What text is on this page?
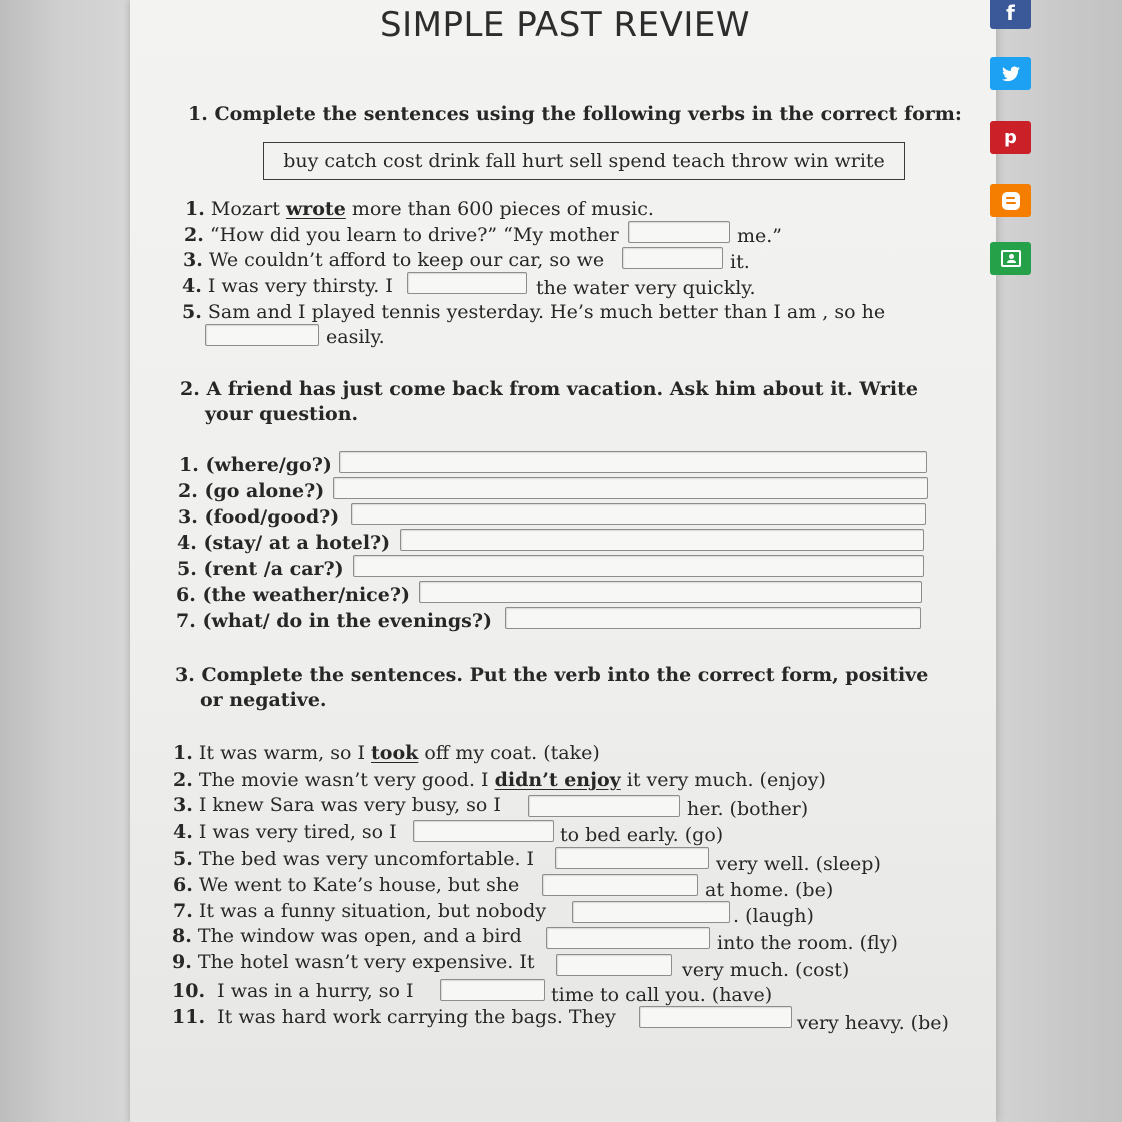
SIMPLE PAST REVIEW
1. Complete the sentences using the following verbs in the correct form:
buy catch cost drink fall hurt sell spend teach throw win write
1. Mozart wrote more than 600 pieces of music.
2. “How did you learn to drive?” “My mother	me.”
3. We couldn’t afford to keep our car, so we	it.
4. I was very thirsty. I	the water very quickly.
5. Sam and I played tennis yesterday. He’s much better than I am , so he
easily.
2. A friend has just come back from vacation. Ask him about it. Write
your question.
1. (where/go?)
2. (go alone?)
3. (food/good?)
4. (stay/ at a hotel?)
5. (rent /a car?)
6. (the weather/nice?)
7. (what/ do in the evenings?)
3. Complete the sentences. Put the verb into the correct form, positive
or negative.
1. It was warm, so I took off my coat. (take)
2. The movie wasn’t very good. I didn’t enjoy it very much. (enjoy)
3. I knew Sara was very busy, so I	her. (bother)
4. I was very tired, so I	to bed early. (go)
5. The bed was very uncomfortable. I	very well. (sleep)
6. We went to Kate’s house, but she	at home. (be)
7. It was a funny situation, but nobody	. (laugh)
8. The window was open, and a bird	into the room. (fly)
9. The hotel wasn’t very expensive. It	very much. (cost)
10. I was in a hurry, so I	time to call you. (have)
11. It was hard work carrying the bags. They	very heavy. (be)
f
p
